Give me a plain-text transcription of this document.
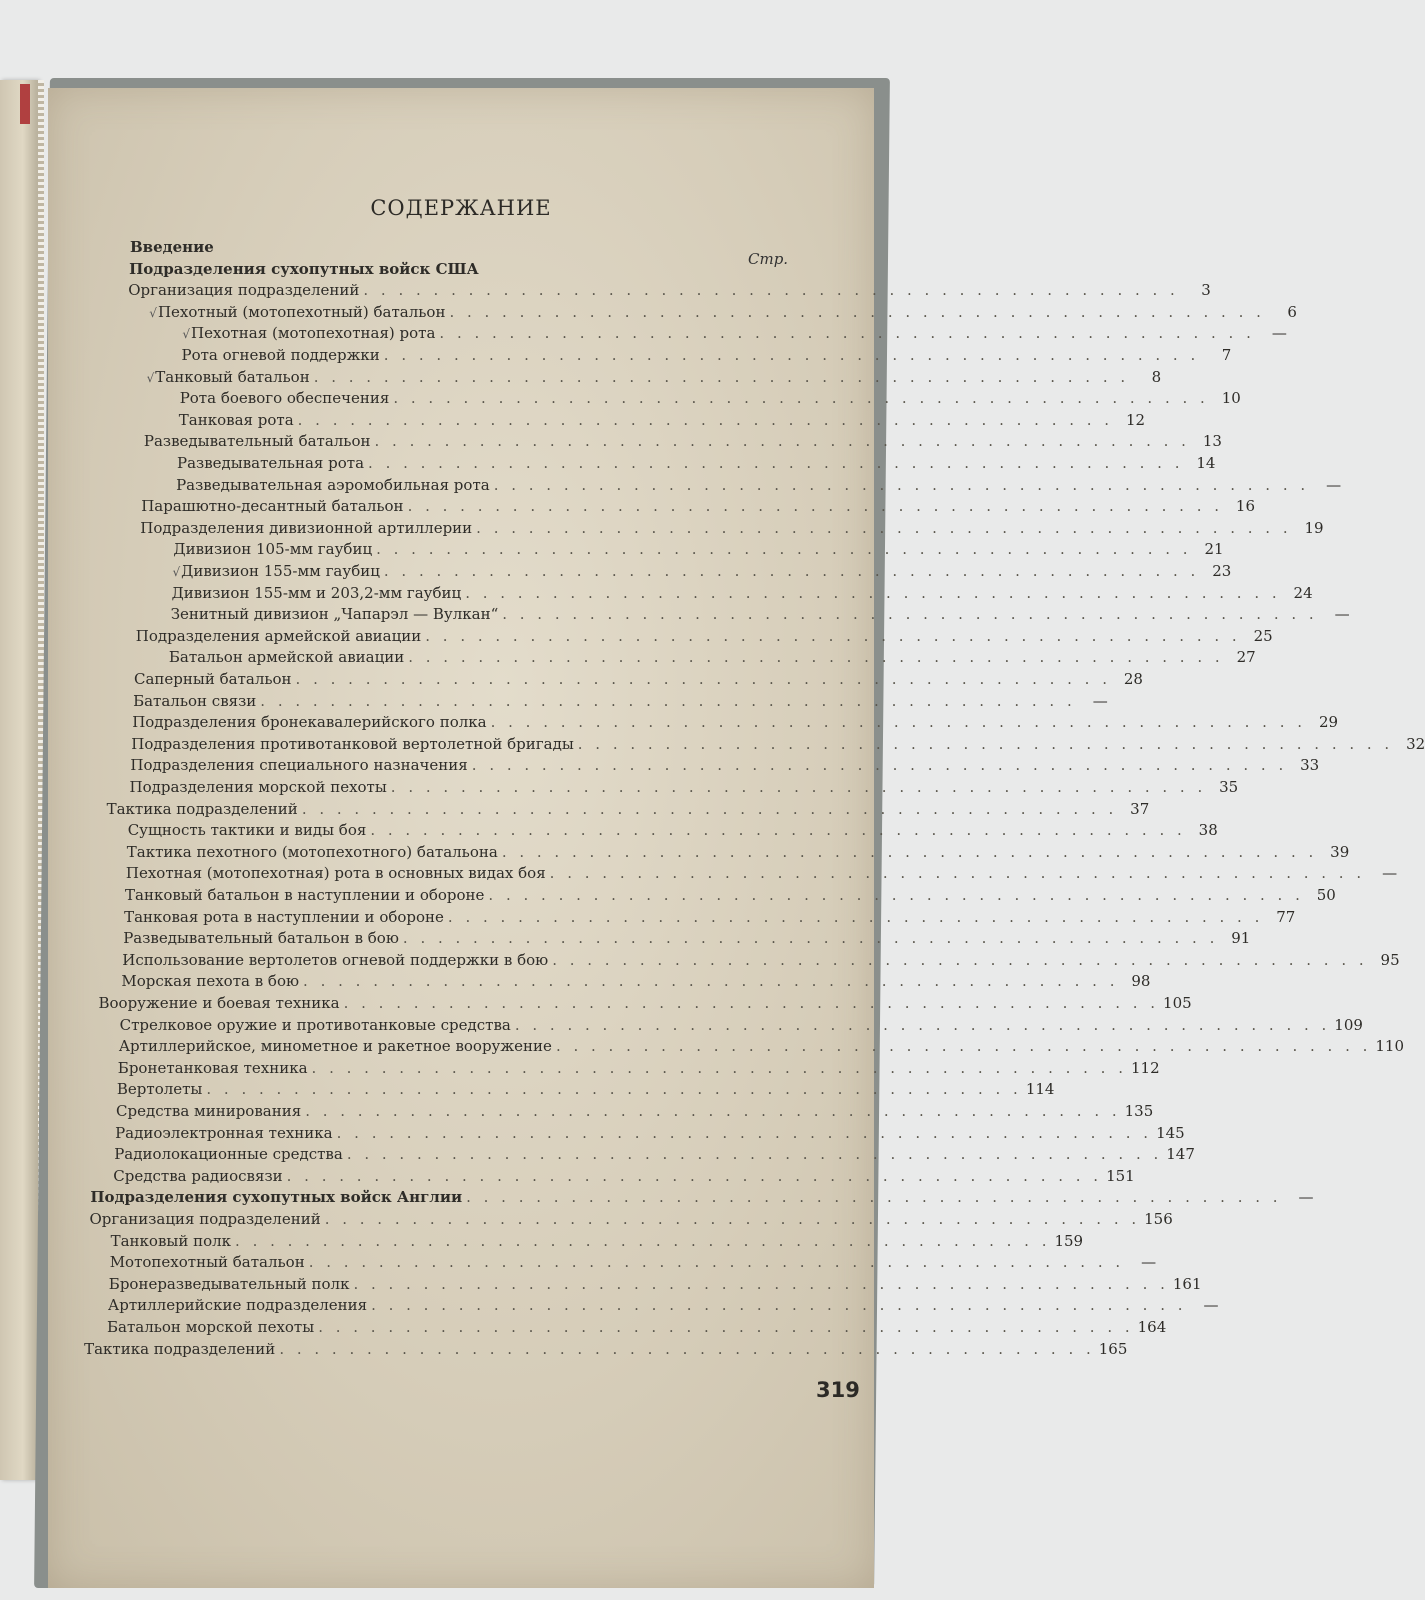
СОДЕРЖАНИЕ
Стр.
Введение
Подразделения сухопутных войск США
Организация подразделений . . . . . . . . . . . . . . . . . . . . . . . . . . . . . . . . . . . . . . . . . . . . . . .	3
√ Пехотный (мотопехотный) батальон . . . . . . . . . . . . . . . . . . . . . . . . . . . . . . . . . . . . . . . . . . . . . . .	6
√ Пехотная (мотопехотная) рота . . . . . . . . . . . . . . . . . . . . . . . . . . . . . . . . . . . . . . . . . . . . . . .	—
Рота огневой поддержки . . . . . . . . . . . . . . . . . . . . . . . . . . . . . . . . . . . . . . . . . . . . . . .	7
√ Танковый батальон . . . . . . . . . . . . . . . . . . . . . . . . . . . . . . . . . . . . . . . . . . . . . . .	8
Рота боевого обеспечения . . . . . . . . . . . . . . . . . . . . . . . . . . . . . . . . . . . . . . . . . . . . . . . 10
Танковая рота . . . . . . . . . . . . . . . . . . . . . . . . . . . . . . . . . . . . . . . . . . . . . . . 12
Разведывательный батальон . . . . . . . . . . . . . . . . . . . . . . . . . . . . . . . . . . . . . . . . . . . . . . . 13
Разведывательная рота . . . . . . . . . . . . . . . . . . . . . . . . . . . . . . . . . . . . . . . . . . . . . . . 14
Разведывательная аэромобильная рота . . . . . . . . . . . . . . . . . . . . . . . . . . . . . . . . . . . . . . . . . . . . . . .	—
Парашютно-десантный батальон . . . . . . . . . . . . . . . . . . . . . . . . . . . . . . . . . . . . . . . . . . . . . . . 16
Подразделения дивизионной артиллерии . . . . . . . . . . . . . . . . . . . . . . . . . . . . . . . . . . . . . . . . . . . . . . . 19
Дивизион 105-мм гаубиц . . . . . . . . . . . . . . . . . . . . . . . . . . . . . . . . . . . . . . . . . . . . . . . 21
√ Дивизион 155-мм гаубиц . . . . . . . . . . . . . . . . . . . . . . . . . . . . . . . . . . . . . . . . . . . . . . . 23
Дивизион 155-мм и 203,2-мм гаубиц . . . . . . . . . . . . . . . . . . . . . . . . . . . . . . . . . . . . . . . . . . . . . . . 24
Зенитный дивизион „Чапарэл — Вулкан“ . . . . . . . . . . . . . . . . . . . . . . . . . . . . . . . . . . . . . . . . . . . . . . .	—
Подразделения армейской авиации . . . . . . . . . . . . . . . . . . . . . . . . . . . . . . . . . . . . . . . . . . . . . . . 25
Батальон армейской авиации . . . . . . . . . . . . . . . . . . . . . . . . . . . . . . . . . . . . . . . . . . . . . . . 27
Саперный батальон . . . . . . . . . . . . . . . . . . . . . . . . . . . . . . . . . . . . . . . . . . . . . . . 28
Батальон связи . . . . . . . . . . . . . . . . . . . . . . . . . . . . . . . . . . . . . . . . . . . . . . .	—
Подразделения бронекавалерийского полка . . . . . . . . . . . . . . . . . . . . . . . . . . . . . . . . . . . . . . . . . . . . . . . 29
Подразделения противотанковой вертолетной бригады . . . . . . . . . . . . . . . . . . . . . . . . . . . . . . . . . . . . . . . . . . . . . . . 32
Подразделения специального назначения . . . . . . . . . . . . . . . . . . . . . . . . . . . . . . . . . . . . . . . . . . . . . . . 33
Подразделения морской пехоты . . . . . . . . . . . . . . . . . . . . . . . . . . . . . . . . . . . . . . . . . . . . . . . 35
Тактика подразделений . . . . . . . . . . . . . . . . . . . . . . . . . . . . . . . . . . . . . . . . . . . . . . . 37
Сущность тактики и виды боя . . . . . . . . . . . . . . . . . . . . . . . . . . . . . . . . . . . . . . . . . . . . . . . 38
Тактика пехотного (мотопехотного) батальона . . . . . . . . . . . . . . . . . . . . . . . . . . . . . . . . . . . . . . . . . . . . . . . 39
Пехотная (мотопехотная) рота в основных видах боя . . . . . . . . . . . . . . . . . . . . . . . . . . . . . . . . . . . . . . . . . . . . . . .	—
Танковый батальон в наступлении и обороне . . . . . . . . . . . . . . . . . . . . . . . . . . . . . . . . . . . . . . . . . . . . . . . 50
Танковая рота в наступлении и обороне . . . . . . . . . . . . . . . . . . . . . . . . . . . . . . . . . . . . . . . . . . . . . . . 77
Разведывательный батальон в бою . . . . . . . . . . . . . . . . . . . . . . . . . . . . . . . . . . . . . . . . . . . . . . . 91
Использование вертолетов огневой поддержки в бою . . . . . . . . . . . . . . . . . . . . . . . . . . . . . . . . . . . . . . . . . . . . . . . 95
Морская пехота в бою . . . . . . . . . . . . . . . . . . . . . . . . . . . . . . . . . . . . . . . . . . . . . . . 98
Вооружение и боевая техника . . . . . . . . . . . . . . . . . . . . . . . . . . . . . . . . . . . . . . . . . . . . . . . 105
Стрелковое оружие и противотанковые средства . . . . . . . . . . . . . . . . . . . . . . . . . . . . . . . . . . . . . . . . . . . . . . . 109
Артиллерийское, минометное и ракетное вооружение . . . . . . . . . . . . . . . . . . . . . . . . . . . . . . . . . . . . . . . . . . . . . . . 110
Бронетанковая техника . . . . . . . . . . . . . . . . . . . . . . . . . . . . . . . . . . . . . . . . . . . . . . . 112
Вертолеты . . . . . . . . . . . . . . . . . . . . . . . . . . . . . . . . . . . . . . . . . . . . . . . 114
Средства минирования . . . . . . . . . . . . . . . . . . . . . . . . . . . . . . . . . . . . . . . . . . . . . . . 135
Радиоэлектронная техника . . . . . . . . . . . . . . . . . . . . . . . . . . . . . . . . . . . . . . . . . . . . . . . 145
Радиолокационные средства . . . . . . . . . . . . . . . . . . . . . . . . . . . . . . . . . . . . . . . . . . . . . . . 147
Средства радиосвязи . . . . . . . . . . . . . . . . . . . . . . . . . . . . . . . . . . . . . . . . . . . . . . . 151
Подразделения сухопутных войск Англии . . . . . . . . . . . . . . . . . . . . . . . . . . . . . . . . . . . . . . . . . . . . . . .	—
Организация подразделений . . . . . . . . . . . . . . . . . . . . . . . . . . . . . . . . . . . . . . . . . . . . . . . 156
Танковый полк . . . . . . . . . . . . . . . . . . . . . . . . . . . . . . . . . . . . . . . . . . . . . . . 159
Мотопехотный батальон . . . . . . . . . . . . . . . . . . . . . . . . . . . . . . . . . . . . . . . . . . . . . . .	—
Бронеразведывательный полк . . . . . . . . . . . . . . . . . . . . . . . . . . . . . . . . . . . . . . . . . . . . . . . 161
Артиллерийские подразделения . . . . . . . . . . . . . . . . . . . . . . . . . . . . . . . . . . . . . . . . . . . . . . .	—
Батальон морской пехоты . . . . . . . . . . . . . . . . . . . . . . . . . . . . . . . . . . . . . . . . . . . . . . . 164
Тактика подразделений . . . . . . . . . . . . . . . . . . . . . . . . . . . . . . . . . . . . . . . . . . . . . . . 165
319
